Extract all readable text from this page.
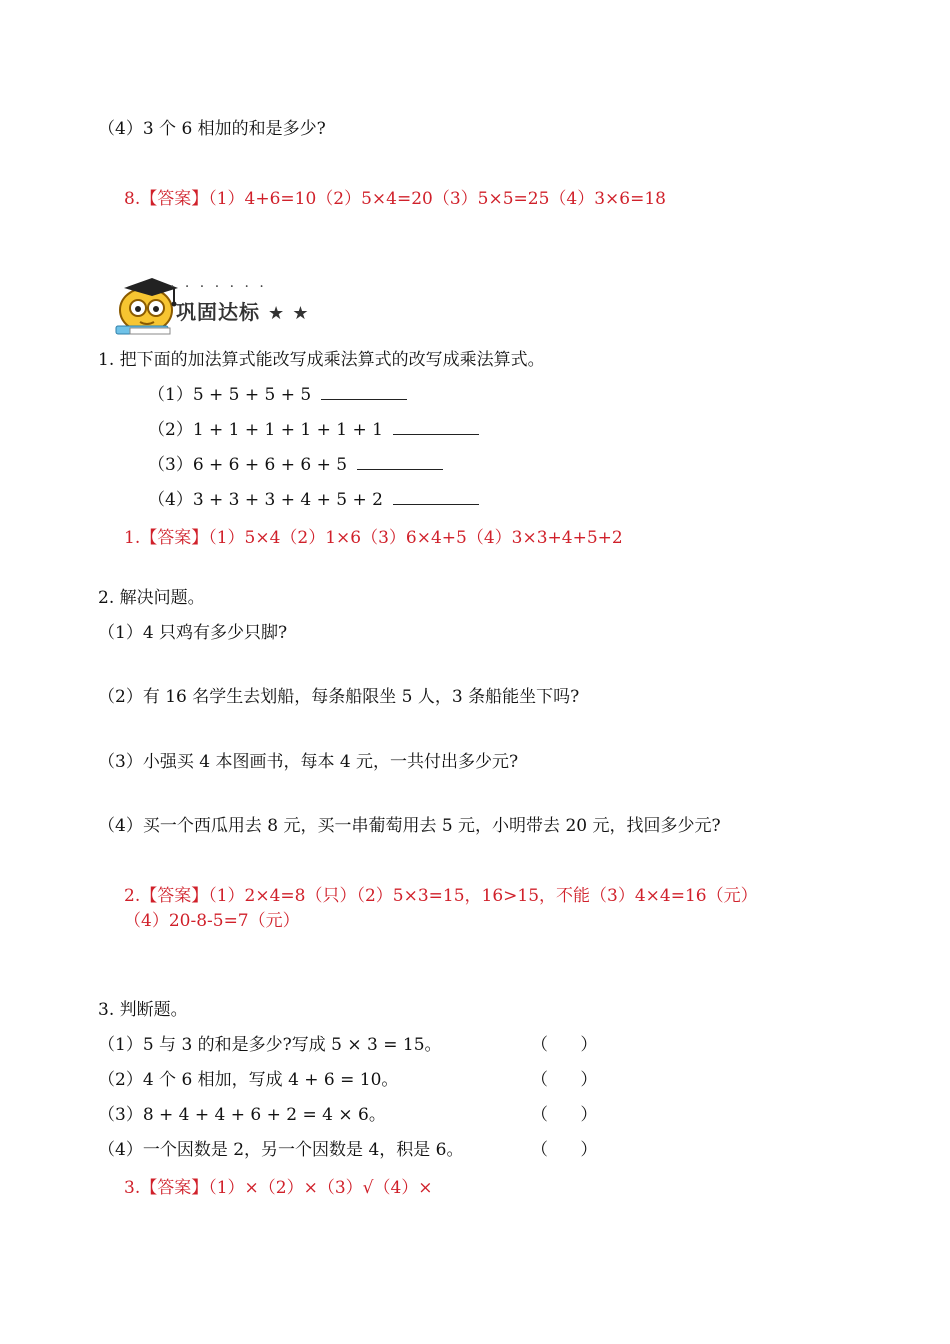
（4）3 个 6 相加的和是多少?
8.【答案】（1）4+6=10（2）5×4=20（3）5×5=25（4）3×6=18
· · · · · · ·
巩固达标 ★ ★
1. 把下面的加法算式能改写成乘法算式的改写成乘法算式。
（1）5 + 5 + 5 + 5
（2）1 + 1 + 1 + 1 + 1 + 1
（3）6 + 6 + 6 + 6 + 5
（4）3 + 3 + 3 + 4 + 5 + 2
1.【答案】（1）5×4（2）1×6（3）6×4+5（4）3×3+4+5+2
2. 解决问题。
（1）4 只鸡有多少只脚?
（2）有 16 名学生去划船，每条船限坐 5 人，3 条船能坐下吗?
（3）小强买 4 本图画书，每本 4 元，一共付出多少元?
（4）买一个西瓜用去 8 元，买一串葡萄用去 5 元，小明带去 20 元，找回多少元?
2.【答案】（1）2×4=8（只）（2）5×3=15，16>15，不能（3）4×4=16（元）
（4）20-8-5=7（元）
3. 判断题。
（1）5 与 3 的和是多少?写成 5 × 3 = 15。	（      ）
（2）4 个 6 相加，写成 4 + 6 = 10。	（      ）
（3）8 + 4 + 4 + 6 + 2 = 4 × 6。	（      ）
（4）一个因数是 2，另一个因数是 4，积是 6。	（      ）
3.【答案】（1）×（2）×（3）√（4）×
